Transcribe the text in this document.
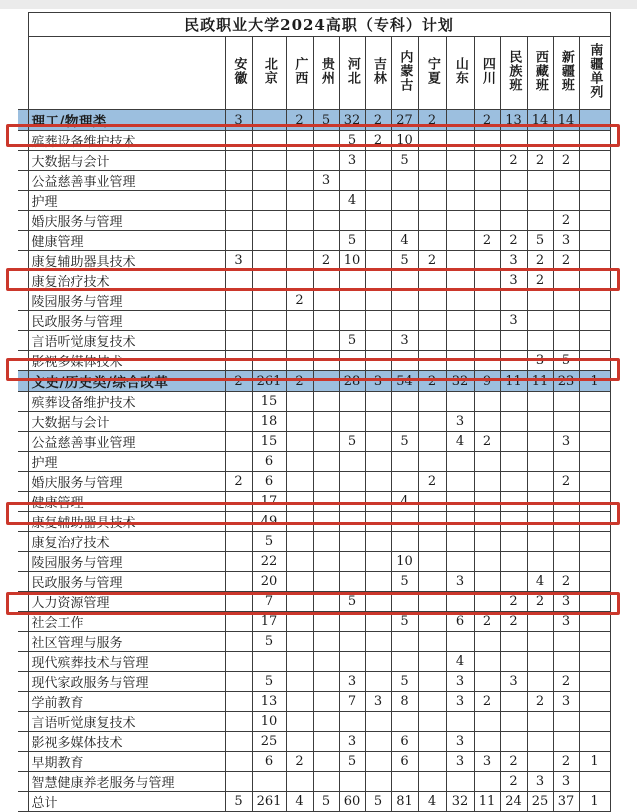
	民政职业大学2024高职（专科）计划														
		安徽	北京	广西	贵州	河北	吉林	内蒙古	宁夏	山东	四川	民族班	西藏班	新疆班	南疆单列
	理工/物理类	3		2	5	32	2	27	2		2	13	14	14	
	殡葬设备维护技术					5	2	10							
	大数据与会计					3		5				2	2	2	
	公益慈善事业管理				3										
	护理					4									
	婚庆服务与管理													2	
	健康管理					5		4			2	2	5	3	
	康复辅助器具技术	3			2	10		5	2			3	2	2	
	康复治疗技术											3	2		
	陵园服务与管理			2											
	民政服务与管理											3			
	言语听觉康复技术					5		3							
	影视多媒体技术												3	5	
	文史/历史类/综合改革	2	261	2		28	3	54	2	32	9	11	11	23	1
	殡葬设备维护技术		15												
	大数据与会计		18							3					
	公益慈善事业管理		15			5		5		4	2			3	
	护理		6												
	婚庆服务与管理	2	6						2					2	
	健康管理		17					4							
	康复辅助器具技术		49												
	康复治疗技术		5												
	陵园服务与管理		22					10							
	民政服务与管理		20					5		3			4	2	
	人力资源管理		7			5						2	2	3	
	社会工作		17					5		6	2	2		3	
	社区管理与服务		5												
	现代殡葬技术与管理									4					
	现代家政服务与管理		5			3		5		3		3		2	
	学前教育		13			7	3	8		3	2		2	3	
	言语听觉康复技术		10												
	影视多媒体技术		25			3		6		3					
	早期教育		6	2		5		6		3	3	2		2	1
	智慧健康养老服务与管理											2	3	3	
	总计	5	261	4	5	60	5	81	4	32	11	24	25	37	1
